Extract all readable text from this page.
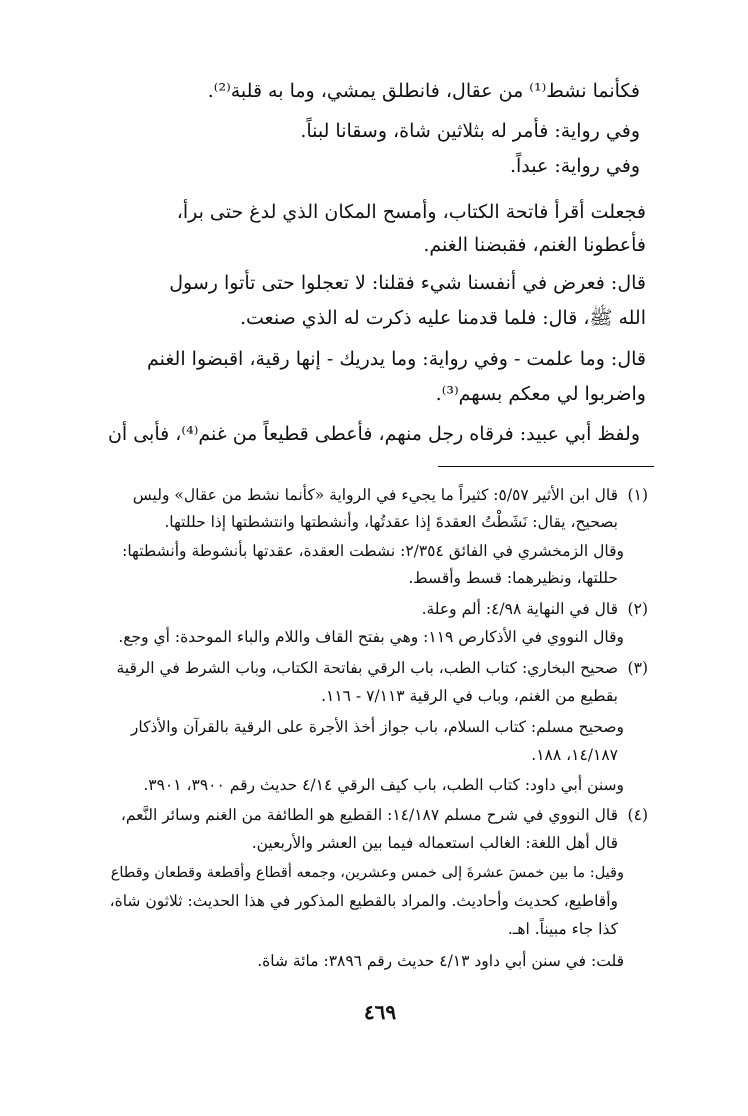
فكأنما نشط⁽¹⁾ من عقال، فانطلق يمشي، وما به قلبة⁽²⁾.

وفي رواية: فأمر له بثلاثين شاة، وسقانا لبناً.

وفي رواية: عبداً.

فجعلت أقرأ فاتحة الكتاب، وأمسح المكان الذي لدغ حتى برأ،

فأعطونا الغنم، فقبضنا الغنم.

قال: فعرض في أنفسنا شيء فقلنا: لا تعجلوا حتى تأتوا رسول

الله ﷺ، قال: فلما قدمنا عليه ذكرت له الذي صنعت.

قال: وما علمت - وفي رواية: وما يدريك - إنها رقية، اقبضوا الغنم

واضربوا لي معكم بسهم⁽³⁾.

ولفظ أبي عبيد: فرقاه رجل منهم، فأعطى قطيعاً من غنم⁽⁴⁾، فأبى أن

(١)

قال ابن الأثير ٥/٥٧: كثيراً ما يجيء في الرواية «كأنما نشط من عقال» وليس

بصحيح، يقال: نَشَطْتُ العقدةَ إذا عقدتُها، وأنشطتها وانتشطتها إذا حللتها.

وقال الزمخشري في الفائق ٢/٣٥٤: نشطت العقدة، عقدتها بأنشوطة وأنشطتها:

حللتها، ونظيرهما: قسط وأقسط.

(٢)

قال في النهاية ٤/٩٨: ألم وعلة.

وقال النووي في الأذكارص ١١٩: وهي بفتح القاف واللام والباء الموحدة: أي وجع.

(٣)

صحيح البخاري: كتاب الطب، باب الرقي بفاتحة الكتاب، وباب الشرط في الرقية

بقطيع من الغنم، وباب في الرقية ٧/١١٣ - ١١٦.

وصحيح مسلم: كتاب السلام، باب جواز أخذ الأجرة على الرقية بالقرآن والأذكار

١٤/١٨٧، ١٨٨.

وسنن أبي داود: كتاب الطب، باب كيف الرقي ٤/١٤ حديث رقم ٣٩٠٠، ٣٩٠١.

(٤)

قال النووي في شرح مسلم ١٤/١٨٧: القطيع هو الطائفة من الغنم وسائر النَّعم،

قال أهل اللغة: الغالب استعماله فيما بين العشر والأربعين.

وقيل: ما بين خمسَ عشرةَ إلى خمس وعشرين، وجمعه أقطاع وأقطعة وقطعان وقطاع

وأقاطيع، كحديث وأحاديث. والمراد بالقطيع المذكور في هذا الحديث: ثلاثون شاة،

كذا جاء مبيناً. اهـ.

قلت: في سنن أبي داود ٤/١٣ حديث رقم ٣٨٩٦: مائة شاة.

٤٦٩
